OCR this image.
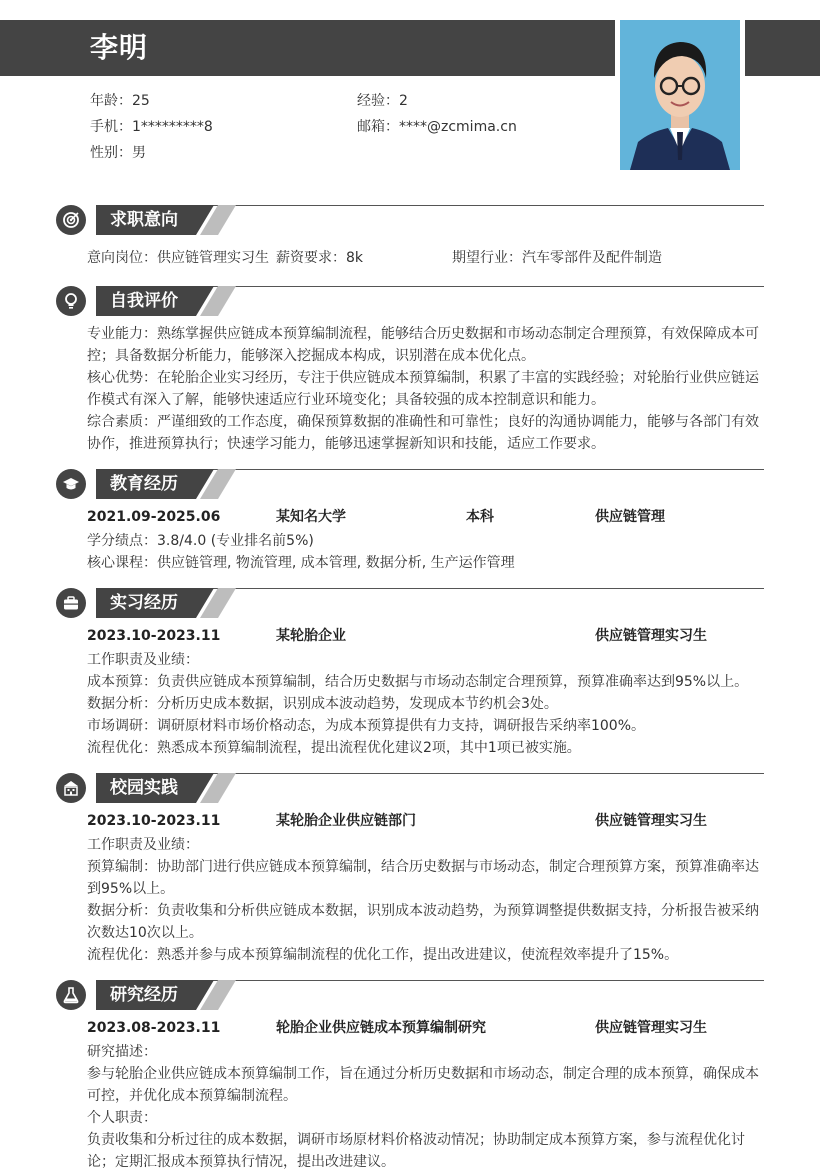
李明
年龄：25	经验：2
手机：1*********8	邮箱：****@zcmima.cn
性别：男
求职意向
意向岗位：供应链管理实习生 薪资要求：8k	期望行业：汽车零部件及配件制造
自我评价
专业能力：熟练掌握供应链成本预算编制流程，能够结合历史数据和市场动态制定合理预算，有效保障成本可控；具备数据分析能力，能够深入挖掘成本构成，识别潜在成本优化点。
核心优势：在轮胎企业实习经历，专注于供应链成本预算编制，积累了丰富的实践经验；对轮胎行业供应链运作模式有深入了解，能够快速适应行业环境变化；具备较强的成本控制意识和能力。
综合素质：严谨细致的工作态度，确保预算数据的准确性和可靠性；良好的沟通协调能力，能够与各部门有效协作，推进预算执行；快速学习能力，能够迅速掌握新知识和技能，适应工作要求。
教育经历
2021.09-2025.06	某知名大学	本科	供应链管理
学分绩点：3.8/4.0 (专业排名前5%)
核心课程：供应链管理, 物流管理, 成本管理, 数据分析, 生产运作管理
实习经历
2023.10-2023.11	某轮胎企业	供应链管理实习生
工作职责及业绩：
成本预算：负责供应链成本预算编制，结合历史数据与市场动态制定合理预算，预算准确率达到95%以上。
数据分析：分析历史成本数据，识别成本波动趋势，发现成本节约机会3处。
市场调研：调研原材料市场价格动态，为成本预算提供有力支持，调研报告采纳率100%。
流程优化：熟悉成本预算编制流程，提出流程优化建议2项，其中1项已被实施。
校园实践
2023.10-2023.11	某轮胎企业供应链部门	供应链管理实习生
工作职责及业绩：
预算编制：协助部门进行供应链成本预算编制，结合历史数据与市场动态，制定合理预算方案，预算准确率达到95%以上。
数据分析：负责收集和分析供应链成本数据，识别成本波动趋势，为预算调整提供数据支持，分析报告被采纳次数达10次以上。
流程优化：熟悉并参与成本预算编制流程的优化工作，提出改进建议，使流程效率提升了15%。
研究经历
2023.08-2023.11	轮胎企业供应链成本预算编制研究	供应链管理实习生
研究描述：
参与轮胎企业供应链成本预算编制工作，旨在通过分析历史数据和市场动态，制定合理的成本预算，确保成本可控，并优化成本预算编制流程。
个人职责：
负责收集和分析过往的成本数据，调研市场原材料价格波动情况；协助制定成本预算方案，参与流程优化讨论；定期汇报成本预算执行情况，提出改进建议。
